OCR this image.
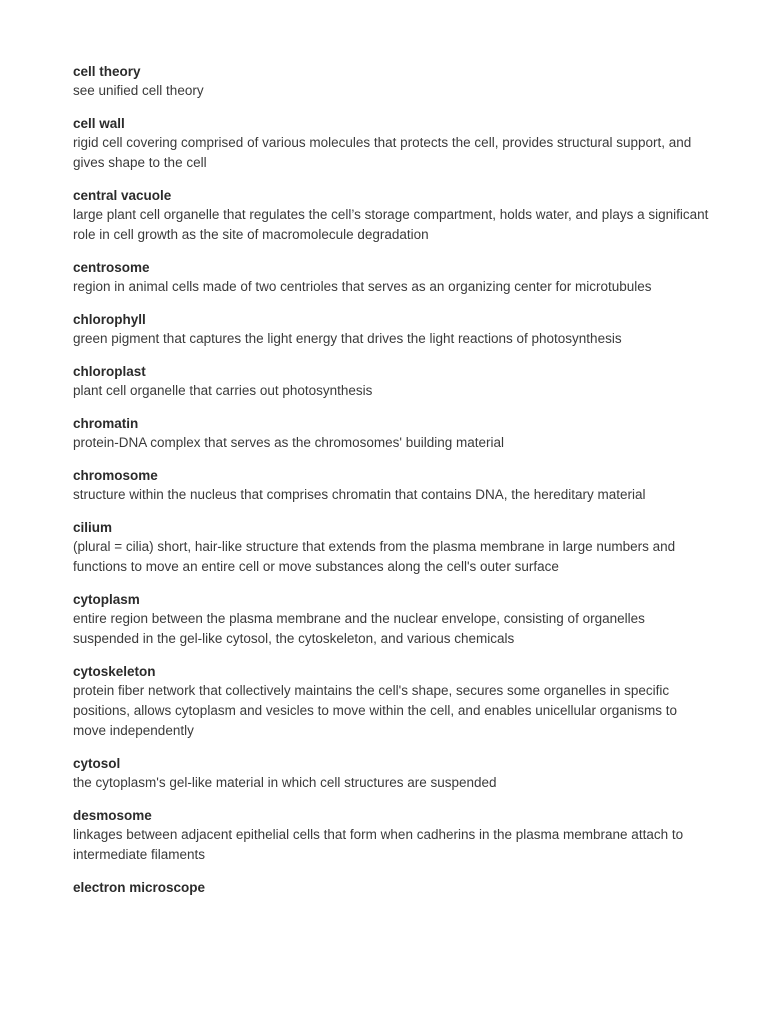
cell theory
see unified cell theory
cell wall
rigid cell covering comprised of various molecules that protects the cell, provides structural support, and gives shape to the cell
central vacuole
large plant cell organelle that regulates the cell’s storage compartment, holds water, and plays a significant role in cell growth as the site of macromolecule degradation
centrosome
region in animal cells made of two centrioles that serves as an organizing center for microtubules
chlorophyll
green pigment that captures the light energy that drives the light reactions of photosynthesis
chloroplast
plant cell organelle that carries out photosynthesis
chromatin
protein-DNA complex that serves as the chromosomes' building material
chromosome
structure within the nucleus that comprises chromatin that contains DNA, the hereditary material
cilium
(plural = cilia) short, hair-like structure that extends from the plasma membrane in large numbers and functions to move an entire cell or move substances along the cell's outer surface
cytoplasm
entire region between the plasma membrane and the nuclear envelope, consisting of organelles suspended in the gel-like cytosol, the cytoskeleton, and various chemicals
cytoskeleton
protein fiber network that collectively maintains the cell's shape, secures some organelles in specific positions, allows cytoplasm and vesicles to move within the cell, and enables unicellular organisms to move independently
cytosol
the cytoplasm's gel-like material in which cell structures are suspended
desmosome
linkages between adjacent epithelial cells that form when cadherins in the plasma membrane attach to intermediate filaments
electron microscope
